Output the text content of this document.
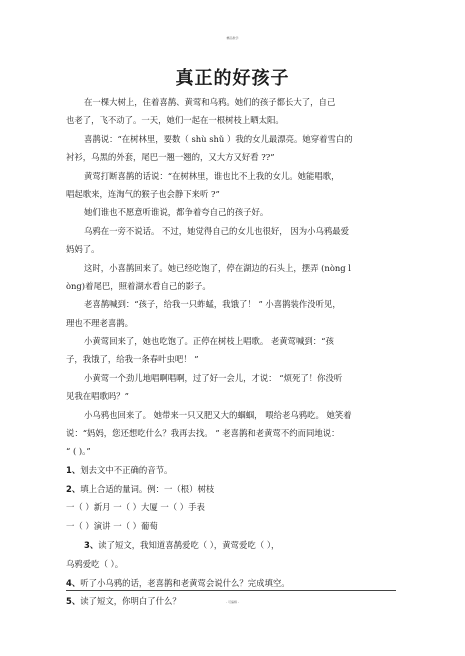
精品教学
真正的好孩子
在一棵大树上，住着喜鹊、黄莺和乌鸦。她们的孩子都长大了，自己
也老了，飞不动了。一天，她们一起在一根树枝上晒太阳。
喜鹊说：“在树林里，要数（ shù shǔ ）我的女儿最漂亮。她穿着雪白的
衬衫，乌黑的外套，尾巴一翘一翘的，又大方又好看 ??”
黄莺打断喜鹊的话说：“在树林里，谁也比不上我的女儿。她能唱歌，
唱起歌来，连淘气的猴子也会静下来听 ?”
她们谁也不愿意听谁说，都争着夸自己的孩子好。
乌鸦在一旁不说话。 不过，她觉得自己的女儿也很好， 因为小乌鸦最爱
妈妈了。
这时，小喜鹊回来了。她已经吃饱了，停在湖边的石头上，摆弄 (nòng l
òng)着尾巴，照着湖水看自己的影子。
老喜鹊喊到：“孩子，给我一只蚱蜢，我饿了！ ” 小喜鹊装作没听见，
理也不理老喜鹊。
小黄莺回来了，她也吃饱了。正停在树枝上唱歌。 老黄莺喊到：“孩
子，我饿了，给我一条春叶虫吧！ ”
小黄莺一个劲儿地唱啊唱啊，过了好一会儿，才说： “烦死了！你没听
见我在唱歌吗？”
小乌鸦也回来了。 她带来一只又肥又大的蝈蝈， 喂给老乌鸦吃。 她笑着
说：“妈妈，您还想吃什么？我再去找。 ” 老喜鹊和老黄莺不约而同地说：
“ ( )。”
1、划去文中不正确的音节。
2、填上合适的量词。例：一（根）树枝
一（ ）新月 一（ ）大厦 一（ ）手表
一（ ）演讲 一（ ）葡萄
3、读了短文，我知道喜鹊爱吃（ ），黄莺爱吃（ ），
乌鸦爱吃（ ）。
4、听了小乌鸦的话，老喜鹊和老黄莺会说什么？完成填空。
5、读了短文，你明白了什么？	- 可编辑 -
